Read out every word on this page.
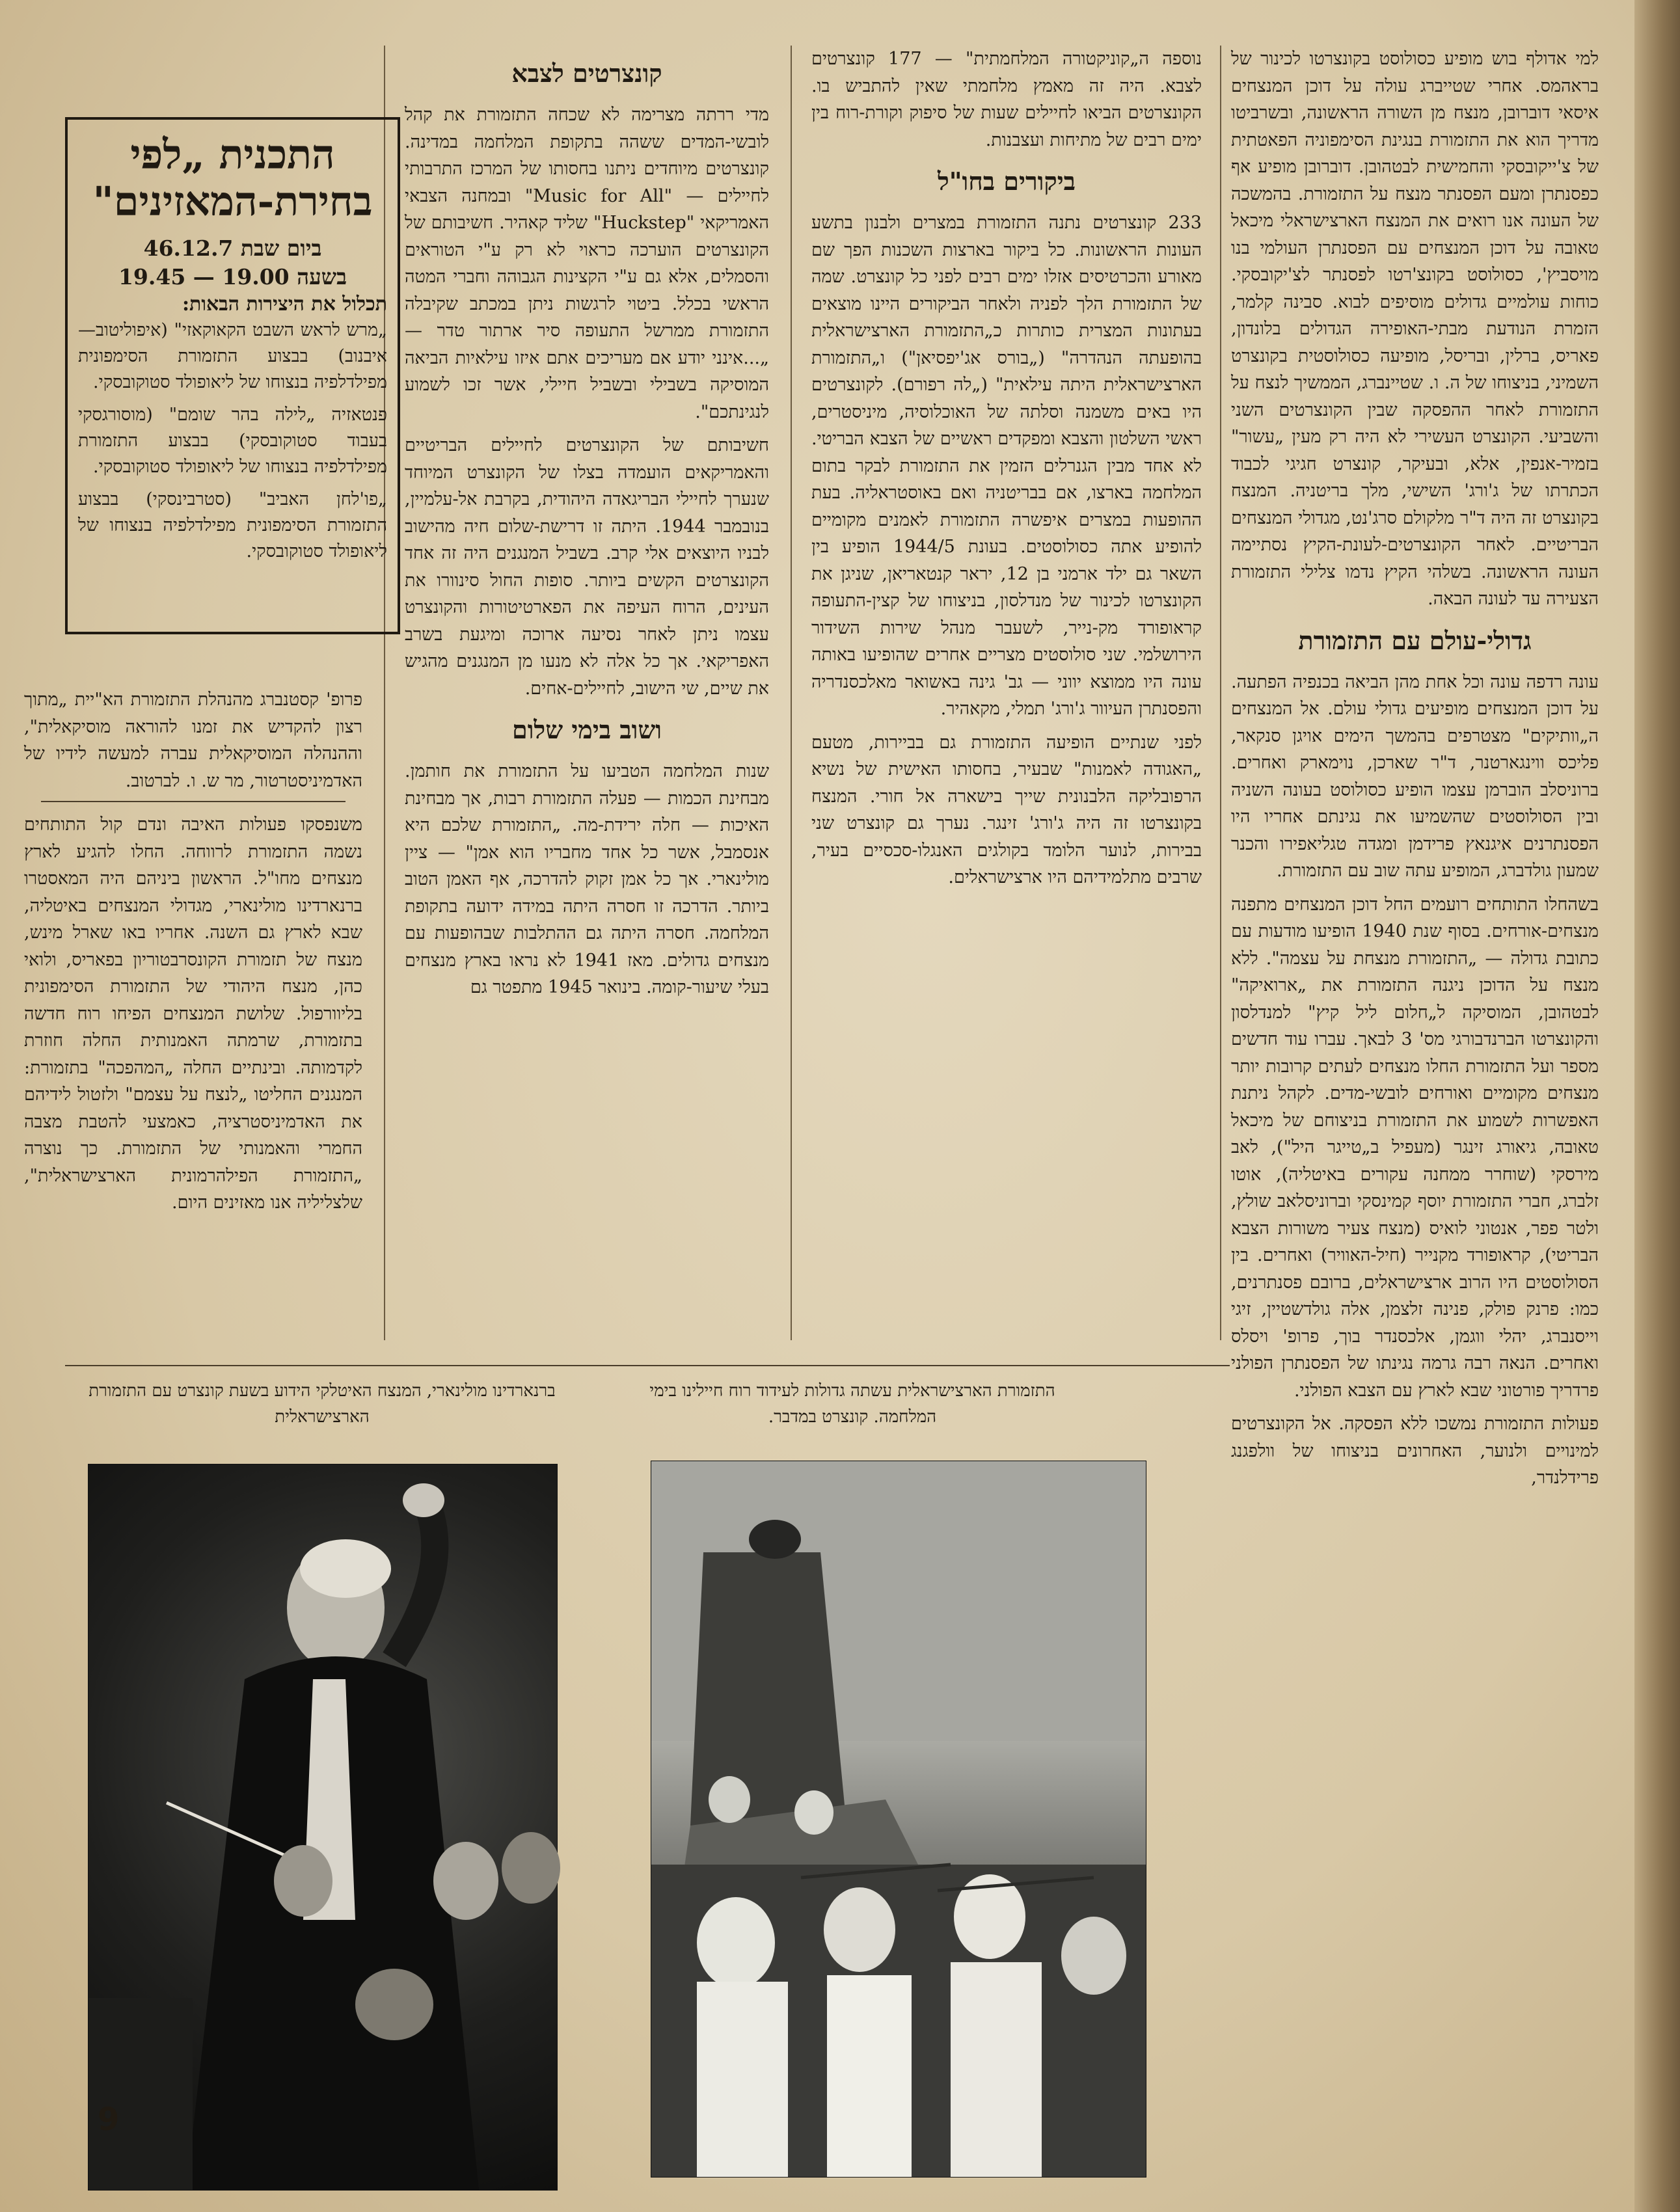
למי אדולף בוש מופיע כסולוסט בקונצרטו לכינור של בראהמס. אחרי שטייברג עולה על דוכן המנצחים איסאי דוברובן, מנצח מן השורה הראשונה, ובשרביטו מדריך הוא את התזמורת בנגינת הסימפוניה הפאטתית של צ'ייקובסקי והחמישית לבטהובן. דוברובן מופיע אף כפסנתרן ומעם הפסנתר מנצח על התזמורת. בהמשכה של העונה אנו רואים את המנצח הארצישראלי מיכאל טאובה על דוכן המנצחים עם הפסנתרן העולמי בנו מויסביץ', כסולוסט בקונצ'רטו לפסנתר לצ'יקובסקי. כוחות עולמיים גדולים מוסיפים לבוא. סבינה קלמר, הזמרת הנודעת מבתי-האופירה הגדולים בלונדון, פאריס, ברלין, ובריסל, מופיעה כסולוסטית בקונצרט השמיני, בניצוחו של ה. ו. שטיינברג, הממשיך לנצח על התזמורת לאחר ההפסקה שבין הקונצרטים השני והשביעי. הקונצרט העשירי לא היה רק מעין „עשור" בזמיר-אנפין, אלא, ובעיקר, קונצרט חגיגי לכבוד הכתרתו של ג'ורג' השישי, מלך בריטניה. המנצח בקונצרט זה היה ד"ר מלקולם סרג'נט, מגדולי המנצחים הבריטיים. לאחר הקונצרטים-לעונת-הקיץ נסתיימה העונה הראשונה. בשלהי הקיץ נדמו צלילי התזמורת הצעירה עד לעונה הבאה.

גדולי-עולם עם התזמורת

עונה רדפה עונה וכל אחת מהן הביאה בכנפיה הפתעה. על דוכן המנצחים מופיעים גדולי עולם. אל המנצחים ה„וותיקים" מצטרפים בהמשך הימים אויגן סנקאר, פליכס ווינגארטנר, ד"ר שארכן, נוימארק ואחרים. ברוניסלב הוברמן עצמו הופיע כסולוסט בעונה השניה ובין הסולוסטים שהשמיעו את נגינתם אחריו היו הפסנתרנים איגנאץ פרידמן ומגדה טגליאפירו והכנר שמעון גולדברג, המופיע עתה שוב עם התזמורת.

בשהחלו התותחים רועמים החל דוכן המנצחים מתפנה מנצחים-אורחים. בסוף שנת 1940 הופיעו מודעות עם כתובת גדולה — „התזמורת מנצחת על עצמה". ללא מנצח על הדוכן ניגנה התזמורת את „ארואיקה" לבטהובן, המוסיקה ל„חלום ליל קיץ" למנדלסון והקונצרטו הברנדבורגי מס' 3 לבאך. עברו עוד חדשים מספר ועל התזמורת החלו מנצחים לעתים קרובות יותר מנצחים מקומיים ואורחים לובשי-מדים. לקהל ניתנת האפשרות לשמוע את התזמורת בניצוחם של מיכאל טאובה, גיאורג זינגר (מעפיל ב„טייגר היל"), לאב מירסקי (שוחרר ממחנה עקורים באיטליה), אוטו זלברג, חברי התזמורת יוסף קמינסקי וברוניסלאב שולץ, ולטר פפר, אנטוני לואיס (מנצח צעיר משורות הצבא הבריטי), קראופורד מקנייר (חיל-האוויר) ואחרים. בין הסולוסטים היו הרוב ארצישראלים, ברובם פסנתרנים, כמו: פרנק פולק, פנינה זלצמן, אלה גולדשטיין, זיגי וייסנברג, יהלי ווגמן, אלכסנדר בוך, פרופ' ויסלס ואחרים. הנאה רבה גרמה נגינתו של הפסנתרן הפולני פרדריך פורטוני שבא לארץ עם הצבא הפולני.

פעולות התזמורת נמשכו ללא הפסקה. אל הקונצרטים למינויים ולנוער, האחרונים בניצוחו של וולפגנג פרידלנדר,

נוספה ה„קוניקטורה המלחמתית" — 177 קונצרטים לצבא. היה זה מאמץ מלחמתי שאין להתביש בו. הקונצרטים הביאו לחיילים שעות של סיפוק וקורת-רוח בין ימים רבים של מתיחות ועצבנות.

ביקורים בחו"ל

233 קונצרטים נתנה התזמורת במצרים ולבנון בתשע העונות הראשונות. כל ביקור בארצות השכנות הפך שם מאורע והכרטיסים אזלו ימים רבים לפני כל קונצרט. שמה של התזמורת הלך לפניה ולאחר הביקורים היינו מוצאים בעתונות המצרית כותרות כ„התזמורת הארצישראלית בהופעתה הנהדרה" („בורס אג'יפסיאן") ו„התזמורת הארצישראלית היתה עילאית" („לה רפורם). לקונצרטים היו באים משמנה וסלתה של האוכלוסיה, מיניסטרים, ראשי השלטון והצבא ומפקדים ראשיים של הצבא הבריטי. לא אחד מבין הגנרלים הזמין את התזמורת לבקר בתום המלחמה בארצו, אם בבריטניה ואם באוסטראליה. בעת ההופעות במצרים איפשרה התזמורת לאמנים מקומיים להופיע אתה כסולוסטים. בעונת 1944/5 הופיע בין השאר גם ילד ארמני בן 12, יראר קנטאריאן, שניגן את הקונצרטו לכינור של מנדלסון, בניצוחו של קצין-התעופה קראופורד מק-נייר, לשעבר מנהל שירות השידור הירושלמי. שני סולוסטים מצריים אחרים שהופיעו באותה עונה היו ממוצא יווני — גב' גינה באשואר מאלכסנדריה והפסנתרן העיוור ג'ורג' תמלי, מקאהיר.

לפני שנתיים הופיעה התזמורת גם בביירות, מטעם „האגודה לאמנות" שבעיר, בחסותו האישית של נשיא הרפובליקה הלבנונית שייך בישארה אל חורי. המנצח בקונצרטו זה היה ג'ורג' זינגר. נערך גם קונצרט שני בבירות, לנוער הלומד בקולגים האנגלו-סכסיים בעיר, שרבים מתלמידיהם היו ארצישראלים.

קונצרטים לצבא

מדי ררתה מצרימה לא שכחה התזמורת את קהל לובשי-המדים ששהה בתקופת המלחמה במדינה. קונצרטים מיוחדים ניתנו בחסותו של המרכז התרבותי לחיילים — "Music for All" ובמחנה הצבאי האמריקאי "Huckstep" שליד קאהיר. חשיבותם של הקונצרטים הוערכה כראוי לא רק ע"י הטוראים והסמלים, אלא גם ע"י הקצינות הגבוהה וחברי המטה הראשי בכלל. ביטוי לרגשות ניתן במכתב שקיבלה התזמורת ממרשל התעופה סיר ארתור טדר — „...אינני יודע אם מעריכים אתם איזו עילאיות הביאה המוסיקה בשבילי ובשביל חיילי, אשר זכו לשמוע לנגינתכם".

חשיבותם של הקונצרטים לחיילים הבריטיים והאמריקאים הועמדה בצלו של הקונצרט המיוחד שנערך לחיילי הבריגאדה היהודית, בקרבת אל-עלמיין, בנובמבר 1944. היתה זו דרישת-שלום חיה מהישוב לבניו היוצאים אלי קרב. בשביל המנגנים היה זה אחד הקונצרטים הקשים ביותר. סופות החול סינוורו את העינים, הרוח העיפה את הפארטיטורות והקונצרט עצמו ניתן לאחר נסיעה ארוכה ומיגעת בשרב האפריקאי. אך כל אלה לא מנעו מן המנגנים מהגיש את שיים, שי הישוב, לחיילים-אחים.

ושוב בימי שלום

שנות המלחמה הטביעו על התזמורת את חותמן. מבחינת הכמות — פעלה התזמורת רבות, אך מבחינת האיכות — חלה ירידת-מה. „התזמורת שלכם היא אנסמבל, אשר כל אחד מחבריו הוא אמן" — ציין מולינארי. אך כל אמן זקוק להדרכה, אף האמן הטוב ביותר. הדרכה זו חסרה היתה במידה ידועה בתקופת המלחמה. חסרה היתה גם ההתלבות שבהופעות עם מנצחים גדולים. מאז 1941 לא נראו בארץ מנצחים בעלי שיעור-קומה. בינואר 1945 מתפטר גם

התכנית „לפי בחירת-המאזינים"
ביום שבת 46.12.7
בשעה 19.00 — 19.45
תכלול את היצירות הבאות:

„מרש לראש השבט הקאוקאזי" (איפוליטוב—איבנוב) בבצוע התזמורת הסימפונית מפילדלפיה בנצוחו של ליאופולד סטוקובסקי.

פנטאזיה „לילה בהר שומם" (מוסורגסקי בעבוד סטוקובסקי) בבצוע התזמורת מפילדלפיה בנצוחו של ליאופולד סטוקובסקי.

„פו'לחן האביב" (סטרבינסקי) בבצוע התזמורת הסימפונית מפילדלפיה בנצוחו של ליאופולד סטוקובסקי.

פרופ' קסטנברג מהנהלת התזמורת הא"יית „מתוך רצון להקדיש את זמנו להוראה מוסיקאלית", וההנהלה המוסיקאלית עברה למעשה לידיו של האדמיניסטרטור, מר ש. ו. לברטוב.

משנפסקו פעולות האיבה ונדם קול התותחים נשמה התזמורת לרווחה. החלו להגיע לארץ מנצחים מחו"ל. הראשון ביניהם היה המאסטרו ברנארדינו מולינארי, מגדולי המנצחים באיטליה, שבא לארץ גם השנה. אחריו באו שארל מינש, מנצח של תזמורת הקונסרבטוריון בפאריס, ולואי כהן, מנצח היהודי של התזמורת הסימפונית בליוורפול. שלושת המנצחים הפיחו רוח חדשה בתזמורת, שרמתה האמנותית החלה חוזרת לקדמותה. ובינתיים החלה „המהפכה" בתזמורת: המנגנים החליטו „לנצח על עצמם" ולזטול לידיהם את האדמיניסטרציה, כאמצעי להטבת מצבה החמרי והאמנותי של התזמורת. כך נוצרה „התזמורת הפילהרמונית הארצישראלית", שלצליליה אנו מאזינים היום.

התזמורת הארצישראלית עשתה גדולות לעידוד רוח חיילינו בימי המלחמה. קונצרט במדבר.
ברנארדינו מולינארי, המנצח האיטלקי הידוע בשעת קונצרט עם התזמורת הארצישראלית
9
